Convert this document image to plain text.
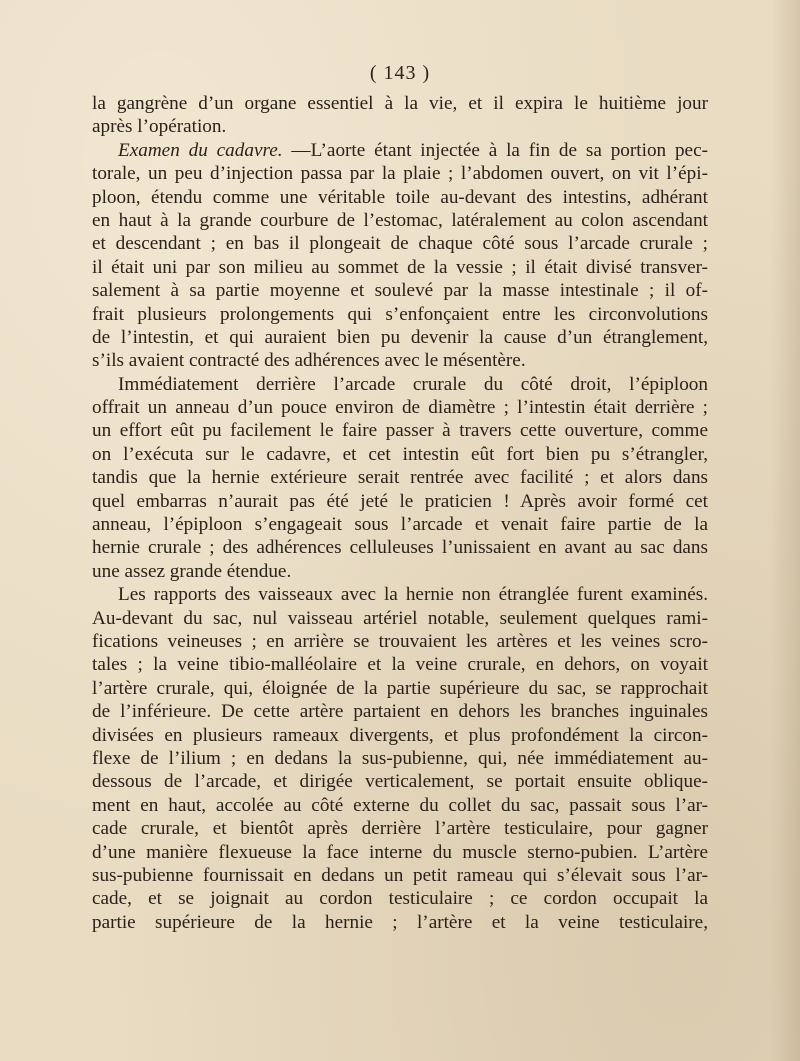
( 143 )
la gangrène d’un organe essentiel à la vie, et il expira le huitième jour
après l’opération.
Examen du cadavre. —L’aorte étant injectée à la fin de sa portion pec-
torale, un peu d’injection passa par la plaie ; l’abdomen ouvert, on vit l’épi-
ploon, étendu comme une véritable toile au-devant des intestins, adhérant
en haut à la grande courbure de l’estomac, latéralement au colon ascendant
et descendant ; en bas il plongeait de chaque côté sous l’arcade crurale ;
il était uni par son milieu au sommet de la vessie ; il était divisé transver-
salement à sa partie moyenne et soulevé par la masse intestinale ; il of-
frait plusieurs prolongements qui s’enfonçaient entre les circonvolutions
de l’intestin, et qui auraient bien pu devenir la cause d’un étranglement,
s’ils avaient contracté des adhérences avec le mésentère.
Immédiatement derrière l’arcade crurale du côté droit, l’épiploon
offrait un anneau d’un pouce environ de diamètre ; l’intestin était derrière ;
un effort eût pu facilement le faire passer à travers cette ouverture, comme
on l’exécuta sur le cadavre, et cet intestin eût fort bien pu s’étrangler,
tandis que la hernie extérieure serait rentrée avec facilité ; et alors dans
quel embarras n’aurait pas été jeté le praticien ! Après avoir formé cet
anneau, l’épiploon s’engageait sous l’arcade et venait faire partie de la
hernie crurale ; des adhérences celluleuses l’unissaient en avant au sac dans
une assez grande étendue.
Les rapports des vaisseaux avec la hernie non étranglée furent examinés.
Au-devant du sac, nul vaisseau artériel notable, seulement quelques rami-
fications veineuses ; en arrière se trouvaient les artères et les veines scro-
tales ; la veine tibio-malléolaire et la veine crurale, en dehors, on voyait
l’artère crurale, qui, éloignée de la partie supérieure du sac, se rapprochait
de l’inférieure. De cette artère partaient en dehors les branches inguinales
divisées en plusieurs rameaux divergents, et plus profondément la circon-
flexe de l’ilium ; en dedans la sus-pubienne, qui, née immédiatement au-
dessous de l’arcade, et dirigée verticalement, se portait ensuite oblique-
ment en haut, accolée au côté externe du collet du sac, passait sous l’ar-
cade crurale, et bientôt après derrière l’artère testiculaire, pour gagner
d’une manière flexueuse la face interne du muscle sterno-pubien. L’artère
sus-pubienne fournissait en dedans un petit rameau qui s’élevait sous l’ar-
cade, et se joignait au cordon testiculaire ; ce cordon occupait la
partie supérieure de la hernie ; l’artère et la veine testiculaire,
